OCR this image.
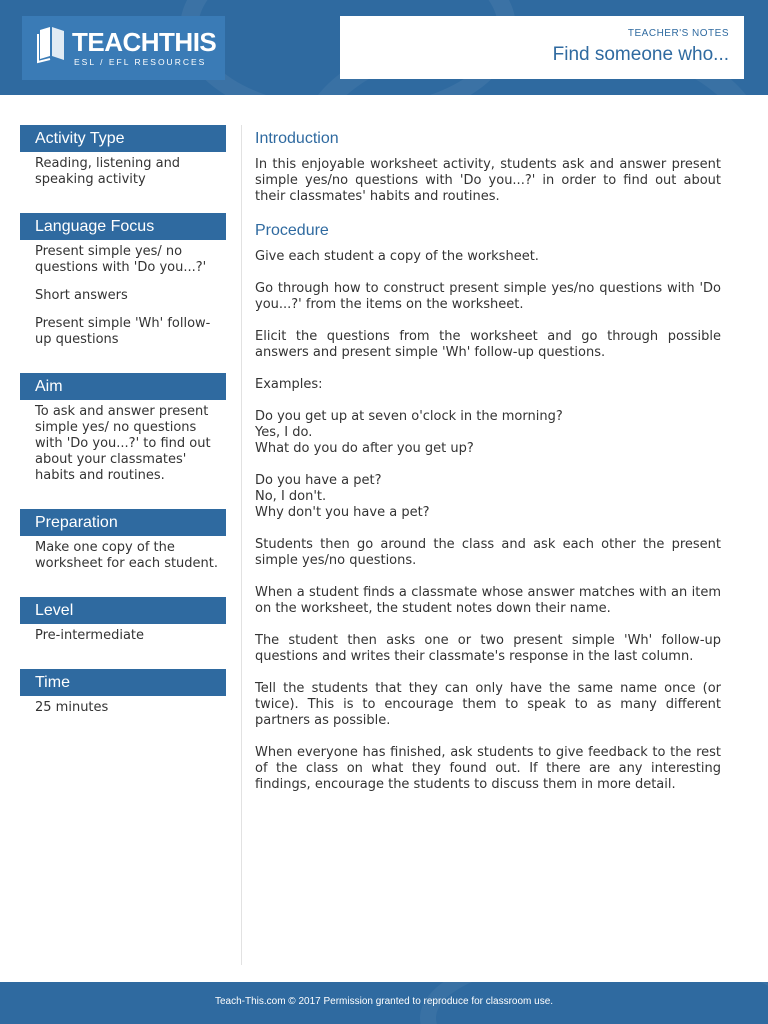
TEACHTHIS
ESL / EFL RESOURCES
TEACHER'S NOTES
Find someone who...
Activity Type

Reading, listening and speaking activity

Language Focus

Present simple yes/ no questions with 'Do you...?'

Short answers

Present simple 'Wh' follow-up questions

Aim

To ask and answer present simple yes/ no questions with 'Do you...?' to find out about your classmates' habits and routines.

Preparation

Make one copy of the worksheet for each student.

Level

Pre-intermediate

Time

25 minutes

Introduction

In this enjoyable worksheet activity, students ask and answer present simple yes/no questions with 'Do you...?' in order to find out about their classmates' habits and routines.

Procedure

Give each student a copy of the worksheet.

Go through how to construct present simple yes/no questions with 'Do you...?' from the items on the worksheet.

Elicit the questions from the worksheet and go through possible answers and present simple 'Wh' follow-up questions.

Examples:

Do you get up at seven o'clock in the morning?
Yes, I do.
What do you do after you get up?

Do you have a pet?
No, I don't.
Why don't you have a pet?

Students then go around the class and ask each other the present simple yes/no questions.

When a student finds a classmate whose answer matches with an item on the worksheet, the student notes down their name.

The student then asks one or two present simple 'Wh' follow-up questions and writes their classmate's response in the last column.

Tell the students that they can only have the same name once (or twice). This is to encourage them to speak to as many different partners as possible.

When everyone has finished, ask students to give feedback to the rest of the class on what they found out. If there are any interesting findings, encourage the students to discuss them in more detail.

Teach-This.com © 2017 Permission granted to reproduce for classroom use.
